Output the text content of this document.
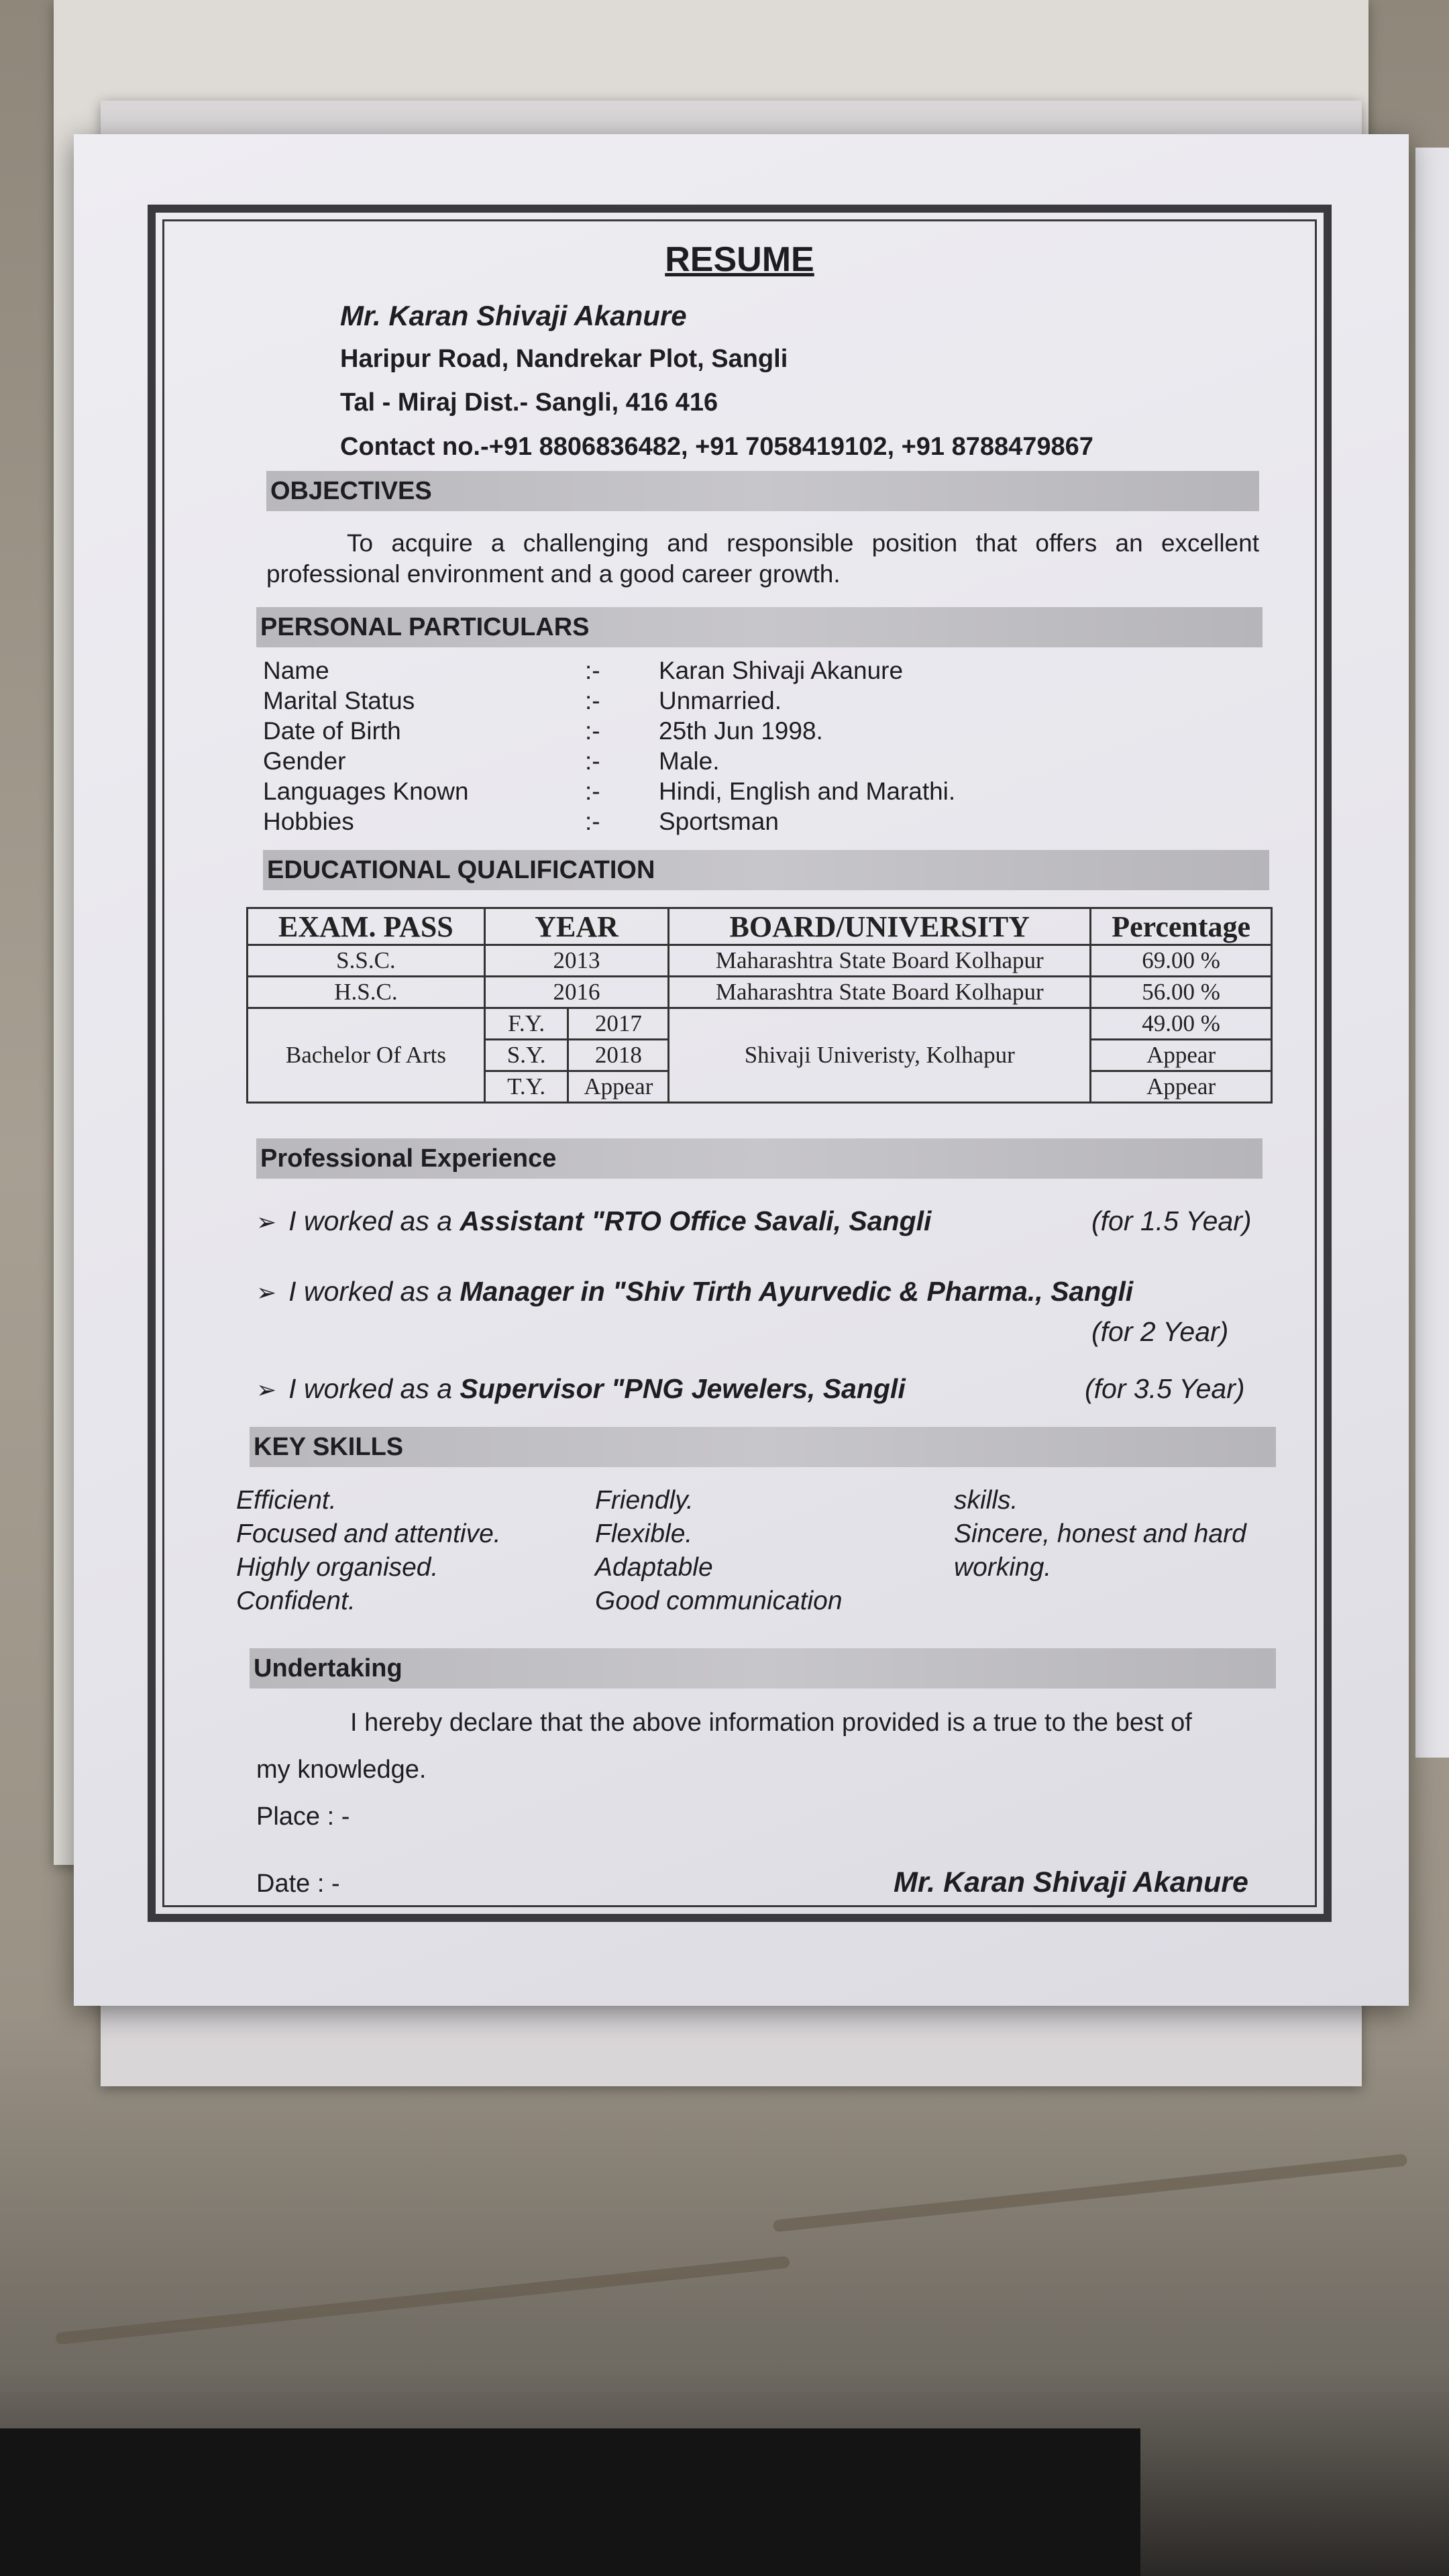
RESUME
Mr. Karan Shivaji Akanure
Haripur Road, Nandrekar Plot, Sangli
Tal - Miraj Dist.- Sangli, 416 416
Contact no.-+91 8806836482, +91 7058419102, +91 8788479867
OBJECTIVES
To acquire a challenging and responsible position that offers an excellent professional environment and a good career growth.
PERSONAL PARTICULARS
Name	:- Karan Shivaji Akanure
Marital Status	:- Unmarried.
Date of Birth	:- 25th Jun 1998.
Gender	:- Male.
Languages Known	:- Hindi, English and Marathi.
Hobbies	:- Sportsman
EDUCATIONAL QUALIFICATION
EXAM. PASS	YEAR		BOARD/UNIVERSITY	Percentage
S.S.C.	2013		Maharashtra State Board Kolhapur	69.00 %
H.S.C.	2016		Maharashtra State Board Kolhapur	56.00 %
Bachelor Of Arts	F.Y.	2017	Shivaji Univeristy, Kolhapur	49.00 %
	S.Y.	2018		Appear
	T.Y.	Appear		Appear
Professional Experience
➢ I worked as a Assistant "RTO Office Savali, Sangli	(for 1.5 Year)
➢ I worked as a Manager in "Shiv Tirth Ayurvedic & Pharma., Sangli
(for 2 Year)
➢ I worked as a Supervisor "PNG Jewelers, Sangli	(for 3.5 Year)
KEY SKILLS
Efficient.
Focused and attentive.
Highly organised.
Confident.
Friendly.
Flexible.
Adaptable
Good communication
skills.
Sincere, honest and hard
working.
Undertaking
I hereby declare that the above information provided is a true to the best of
my knowledge.
Place : -
Date : -	Mr. Karan Shivaji Akanure
